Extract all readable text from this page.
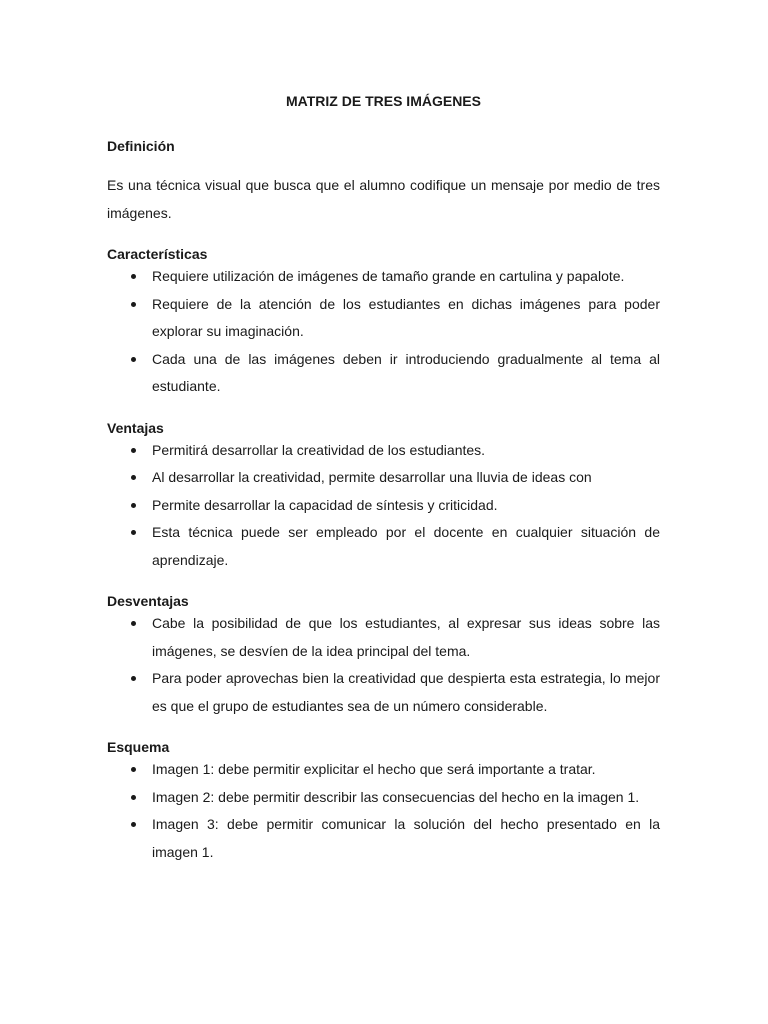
MATRIZ DE TRES IMÁGENES
Definición

Es una técnica visual que busca que el alumno codifique un mensaje por medio de tres imágenes.

Características
Requiere utilización de imágenes de tamaño grande en cartulina y papalote.
Requiere de la atención de los estudiantes en dichas imágenes para poder explorar su imaginación.
Cada una de las imágenes deben ir introduciendo gradualmente al tema al estudiante.
Ventajas
Permitirá desarrollar la creatividad de los estudiantes.
Al desarrollar la creatividad, permite desarrollar una lluvia de ideas con
Permite desarrollar la capacidad de síntesis y criticidad.
Esta técnica puede ser empleado por el docente en cualquier situación de aprendizaje.
Desventajas
Cabe la posibilidad de que los estudiantes, al expresar sus ideas sobre las imágenes, se desvíen de la idea principal del tema.
Para poder aprovechas bien la creatividad que despierta esta estrategia, lo mejor es que el grupo de estudiantes sea de un número considerable.
Esquema
Imagen 1: debe permitir explicitar el hecho que será importante a tratar.
Imagen 2: debe permitir describir las consecuencias del hecho en la imagen 1.
Imagen 3: debe permitir comunicar la solución del hecho presentado en la imagen 1.
